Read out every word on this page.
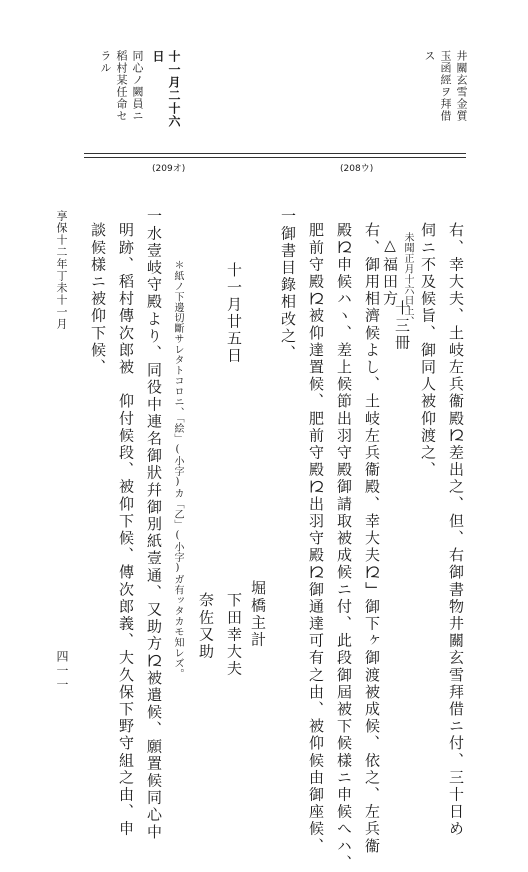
井關玄雪金質
玉函經ヲ拜借
ス
十一月二十六
日
同心ノ闕員ニ
稻村某任命セ
ラル
(208ウ)
(209オ)
右、幸大夫、土岐左兵衞殿𛀁差出之、但、右御書物井關玄雪拜借ニ付、三十日め
伺ニ不及候旨、御同人被仰渡之、
未聞正月十六日上、
△福田方
十三冊
右、御用相濟候よし、土岐左兵衞殿、幸大夫𛀁」御下ヶ御渡被成候、依之、左兵衞
殿𛀁申候ハヽ、差上候節出羽守殿御請取被成候ニ付、此段御屆被下候樣ニ申候へハ、
肥前守殿𛀁被仰達置候、肥前守殿𛀁出羽守殿𛀁御通達可有之由、被仰候由御座候、
一御書目錄相改之、
十一月廿五日
堀橋主計
下田幸大夫
奈佐又助
＊紙ノ下邊切斷サレタトコロニ、「絵」(小字)カ「乙」(小字)ガ有ッタカモ知レズ。
一水壹岐守殿より、同役中連名御狀幷御別紙壹通、又助方𛀁被遣候、願置候同心中
明跡、稻村傳次郎被　仰付候段、被仰下候、傳次郎義、大久保下野守組之由、申
談候樣ニ被仰下候、
享保十二年丁未十一月
四一一
